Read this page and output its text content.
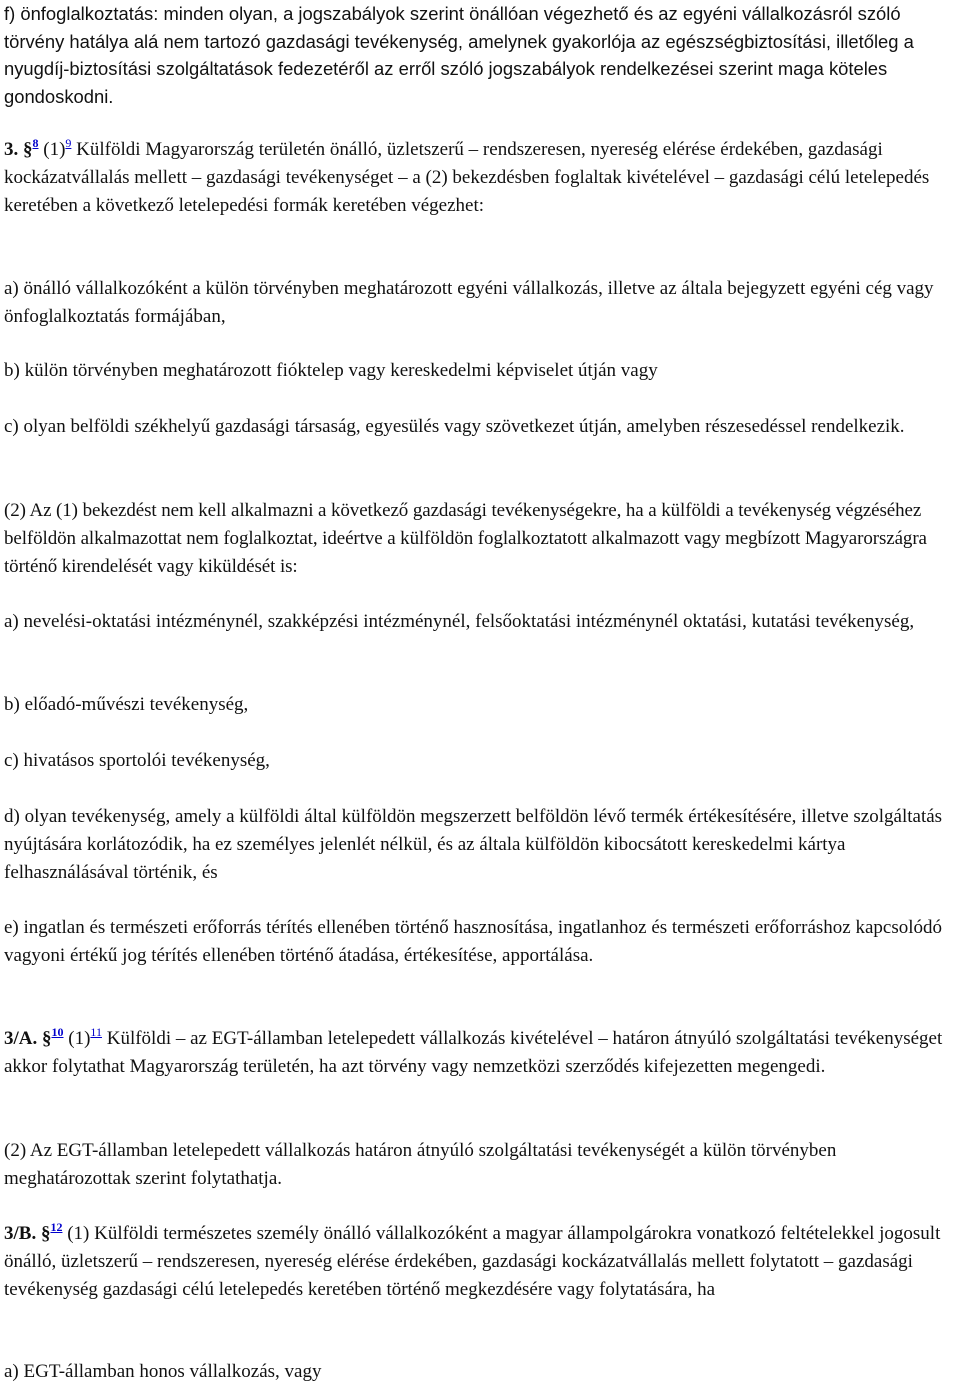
f) önfoglalkoztatás: minden olyan, a jogszabályok szerint önállóan végezhető és az egyéni vállalkozásról szóló törvény hatálya alá nem tartozó gazdasági tevékenység, amelynek gyakorlója az egészségbiztosítási, illetőleg a nyugdíj-biztosítási szolgáltatások fedezetéről az erről szóló jogszabályok rendelkezései szerint maga köteles gondoskodni.

3. §$^8$ (1)$^9$ Külföldi Magyarország területén önálló, üzletszerű – rendszeresen, nyereség elérése érdekében, gazdasági kockázatvállalás mellett – gazdasági tevékenységet – a (2) bekezdésben foglaltak kivételével – gazdasági célú letelepedés keretében a következő letelepedési formák keretében végezhet:

a) önálló vállalkozóként a külön törvényben meghatározott egyéni vállalkozás, illetve az általa bejegyzett egyéni cég vagy önfoglalkoztatás formájában,

b) külön törvényben meghatározott fióktelep vagy kereskedelmi képviselet útján vagy

c) olyan belföldi székhelyű gazdasági társaság, egyesülés vagy szövetkezet útján, amelyben részesedéssel rendelkezik.

(2) Az (1) bekezdést nem kell alkalmazni a következő gazdasági tevékenységekre, ha a külföldi a tevékenység végzéséhez belföldön alkalmazottat nem foglalkoztat, ideértve a külföldön foglalkoztatott alkalmazott vagy megbízott Magyarországra történő kirendelését vagy kiküldését is:

a) nevelési-oktatási intézménynél, szakképzési intézménynél, felsőoktatási intézménynél oktatási, kutatási tevékenység,

b) előadó-művészi tevékenység,

c) hivatásos sportolói tevékenység,

d) olyan tevékenység, amely a külföldi által külföldön megszerzett belföldön lévő termék értékesítésére, illetve szolgáltatás nyújtására korlátozódik, ha ez személyes jelenlét nélkül, és az általa külföldön kibocsátott kereskedelmi kártya felhasználásával történik, és

e) ingatlan és természeti erőforrás térítés ellenében történő hasznosítása, ingatlanhoz és természeti erőforráshoz kapcsolódó vagyoni értékű jog térítés ellenében történő átadása, értékesítése, apportálása.

3/A. §$^{10}$ (1)$^{11}$ Külföldi – az EGT-államban letelepedett vállalkozás kivételével – határon átnyúló szolgáltatási tevékenységet akkor folytathat Magyarország területén, ha azt törvény vagy nemzetközi szerződés kifejezetten megengedi.

(2) Az EGT-államban letelepedett vállalkozás határon átnyúló szolgáltatási tevékenységét a külön törvényben meghatározottak szerint folytathatja.

3/B. §$^{12}$ (1) Külföldi természetes személy önálló vállalkozóként a magyar állampolgárokra vonatkozó feltételekkel jogosult önálló, üzletszerű – rendszeresen, nyereség elérése érdekében, gazdasági kockázatvállalás mellett folytatott – gazdasági tevékenység gazdasági célú letelepedés keretében történő megkezdésére vagy folytatására, ha

a) EGT-államban honos vállalkozás, vagy
